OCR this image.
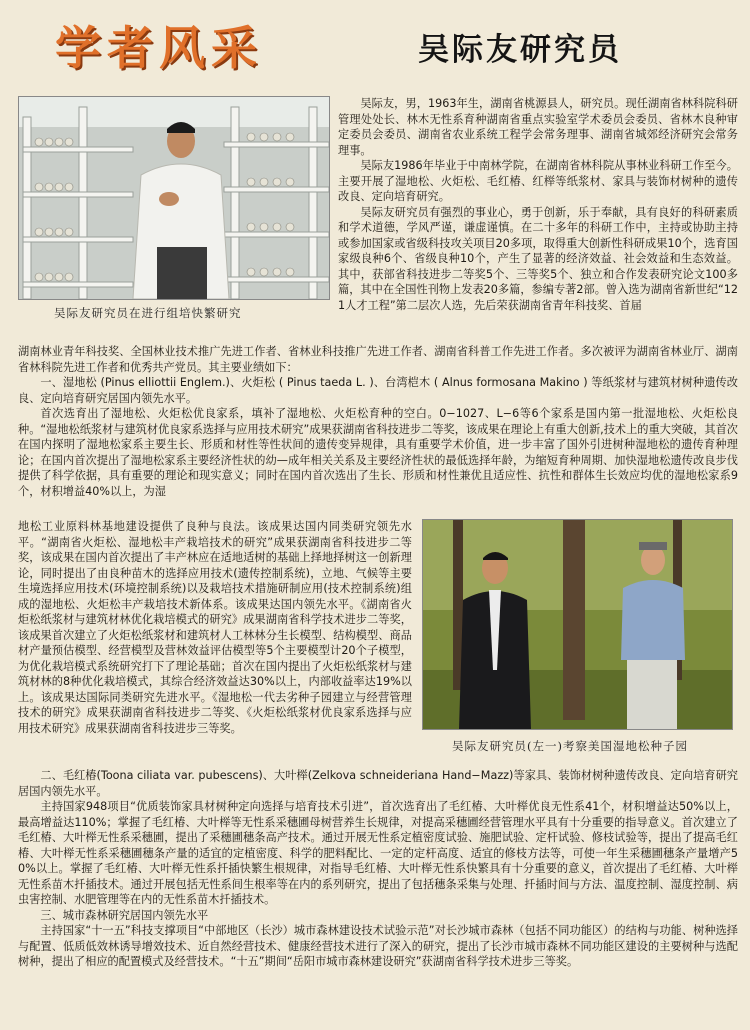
学者风采	吴际友研究员
吴际友研究员在进行组培快繁研究

吴际友，男，1963年生，湖南省桃源县人，研究员。现任湖南省林科院科研管理处处长、林木无性系育种湖南省重点实验室学术委员会委员、省林木良种审定委员会委员、湖南省农业系统工程学会常务理事、湖南省城郊经济研究会常务理事。

吴际友1986年毕业于中南林学院，在湖南省林科院从事林业科研工作至今。主要开展了湿地松、火炬松、毛红椿、红榉等纸浆材、家具与装饰材树种的遗传改良、定向培育研究。

吴际友研究员有强烈的事业心，勇于创新，乐于奉献，具有良好的科研素质和学术道德，学风严谨，谦虚谨慎。在二十多年的科研工作中，主持或协助主持或参加国家或省级科技攻关项目20多项，取得重大创新性科研成果10个，选育国家级良种6个、省级良种10个，产生了显著的经济效益、社会效益和生态效益。其中，获部省科技进步二等奖5个、三等奖5个、独立和合作发表研究论文100多篇，其中在全国性刊物上发表20多篇，参编专著2部。曾入选为湖南省新世纪“121人才工程”第二层次人选，先后荣获湖南省青年科技奖、首届

湖南林业青年科技奖、全国林业技术推广先进工作者、省林业科技推广先进工作者、湖南省科普工作先进工作者。多次被评为湖南省林业厅、湖南省林科院先进工作者和优秀共产党员。其主要业绩如下：

一、湿地松 (Pinus elliottii Englem.)、火炬松 ( Pinus taeda L. )、台湾桤木 ( Alnus formosana Makino ) 等纸浆材与建筑材树种遗传改良、定向培育研究居国内领先水平。

首次选育出了湿地松、火炬松优良家系，填补了湿地松、火炬松育种的空白。0−1027、L−6等6个家系是国内第一批湿地松、火炬松良种。“湿地松纸浆材与建筑材优良家系选择与应用技术研究”成果获湖南省科技进步二等奖，该成果在理论上有重大创新,技术上的重大突破，其首次在国内探明了湿地松家系主要生长、形质和材性等性状间的遗传变异规律，具有重要学术价值，进一步丰富了国外引进树种湿地松的遗传育种理论；在国内首次提出了湿地松家系主要经济性状的幼—成年相关关系及主要经济性状的最低选择年龄，为缩短育种周期、加快湿地松遗传改良步伐提供了科学依据，具有重要的理论和现实意义；同时在国内首次选出了生长、形质和材性兼优且适应性、抗性和群体生长效应均优的湿地松家系9个，材积增益40%以上，为湿

地松工业原料林基地建设提供了良种与良法。该成果达国内同类研究领先水平。“湖南省火炬松、湿地松丰产栽培技术的研究”成果获湖南省科技进步二等奖，该成果在国内首次提出了丰产林应在适地适树的基础上择地择树这一创新理论，同时提出了由良种苗木的选择应用技术(遗传控制系统)，立地、气候等主要生境选择应用技术(环境控制系统)以及栽培技术措施研制应用(技术控制系统)组成的湿地松、火炬松丰产栽培技术新体系。该成果达国内领先水平。《湖南省火炬松纸浆材与建筑材林优化栽培模式的研究》成果湖南省科学技术进步二等奖，该成果首次建立了火炬松纸浆材和建筑材人工林林分生长模型、结构模型、商品材产量预估模型、经营模型及营林效益评估模型等5个主要模型计20个子模型，为优化栽培模式系统研究打下了理论基础；首次在国内提出了火炬松纸浆材与建筑材林的8种优化栽培模式，其综合经济效益达30%以上，内部收益率达19%以上。该成果达国际同类研究先进水平。《湿地松一代去劣种子园建立与经营管理技术的研究》成果获湖南省科技进步二等奖、《火炬松纸浆材优良家系选择与应用技术研究》成果获湖南省科技进步三等奖。

吴际友研究员(左一)考察美国湿地松种子园

二、毛红椿(Toona ciliata var. pubescens)、大叶榉(Zelkova schneideriana Hand−Mazz)等家具、装饰材树种遗传改良、定向培育研究居国内领先水平。

主持国家948项目“优质装饰家具材树种定向选择与培育技术引进”，首次选育出了毛红椿、大叶榉优良无性系41个，材积增益达50%以上，最高增益达110%；掌握了毛红椿、大叶榉等无性系采穗圃母树营养生长规律，对提高采穗圃经营管理水平具有十分重要的指导意义。首次建立了毛红椿、大叶榉无性系采穗圃，提出了采穗圃穗条高产技术。通过开展无性系定植密度试验、施肥试验、定杆试验、修枝试验等，提出了提高毛红椿、大叶榉无性系采穗圃穗条产量的适宜的定植密度、科学的肥料配比、一定的定杆高度、适宜的修枝方法等，可使一年生采穗圃穗条产量增产50%以上。掌握了毛红椿、大叶榉无性系扦插快繁生根规律，对指导毛红椿、大叶榉无性系快繁具有十分重要的意义，首次提出了毛红椿、大叶榉无性系苗木扦插技术。通过开展包括无性系间生根率等在内的系列研究，提出了包括穗条采集与处理、扦插时间与方法、温度控制、湿度控制、病虫害控制、水肥管理等在内的无性系苗木扦插技术。

三、城市森林研究居国内领先水平

主持国家“十一五”科技支撑项目“中部地区（长沙）城市森林建设技术试验示范”对长沙城市森林（包括不同功能区）的结构与功能、树种选择与配置、低质低效林诱导增效技术、近自然经营技术、健康经营技术进行了深入的研究，提出了长沙市城市森林不同功能区建设的主要树种与选配树种，提出了相应的配置模式及经营技术。“十五”期间“岳阳市城市森林建设研究”获湖南省科学技术进步三等奖。
